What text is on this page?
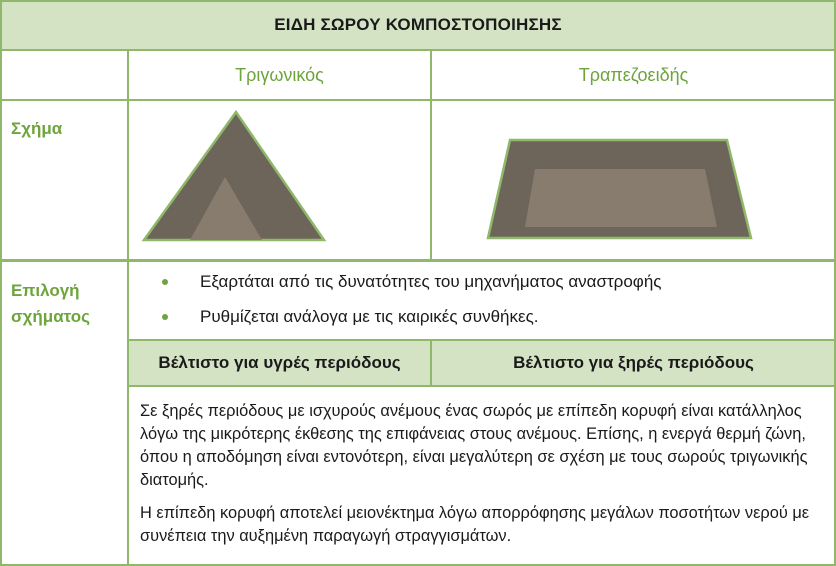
ΕΙΔΗ ΣΩΡΟΥ ΚΟΜΠΟΣΤΟΠΟΙΗΣΗΣ
Τριγωνικός	Τραπεζοειδής
Σχήμα
Επιλογή
σχήματος
Εξαρτάται από τις δυνατότητες του μηχανήματος αναστροφής
Ρυθμίζεται ανάλογα με τις καιρικές συνθήκες.
Βέλτιστο για υγρές περιόδους	Βέλτιστο για ξηρές περιόδους

Σε ξηρές περιόδους με ισχυρούς ανέμους ένας σωρός με επίπεδη κορυφή είναι κατάλληλος λόγω της μικρότερης έκθεσης της επιφάνειας στους ανέμους. Επίσης, η ενεργά θερμή ζώνη, όπου η αποδόμηση είναι εντονότερη, είναι μεγαλύτερη σε σχέση με τους σωρούς τριγωνικής διατομής.

Η επίπεδη κορυφή αποτελεί μειονέκτημα λόγω απορρόφησης μεγάλων ποσοτήτων νερού με συνέπεια την αυξημένη παραγωγή στραγγισμάτων.
